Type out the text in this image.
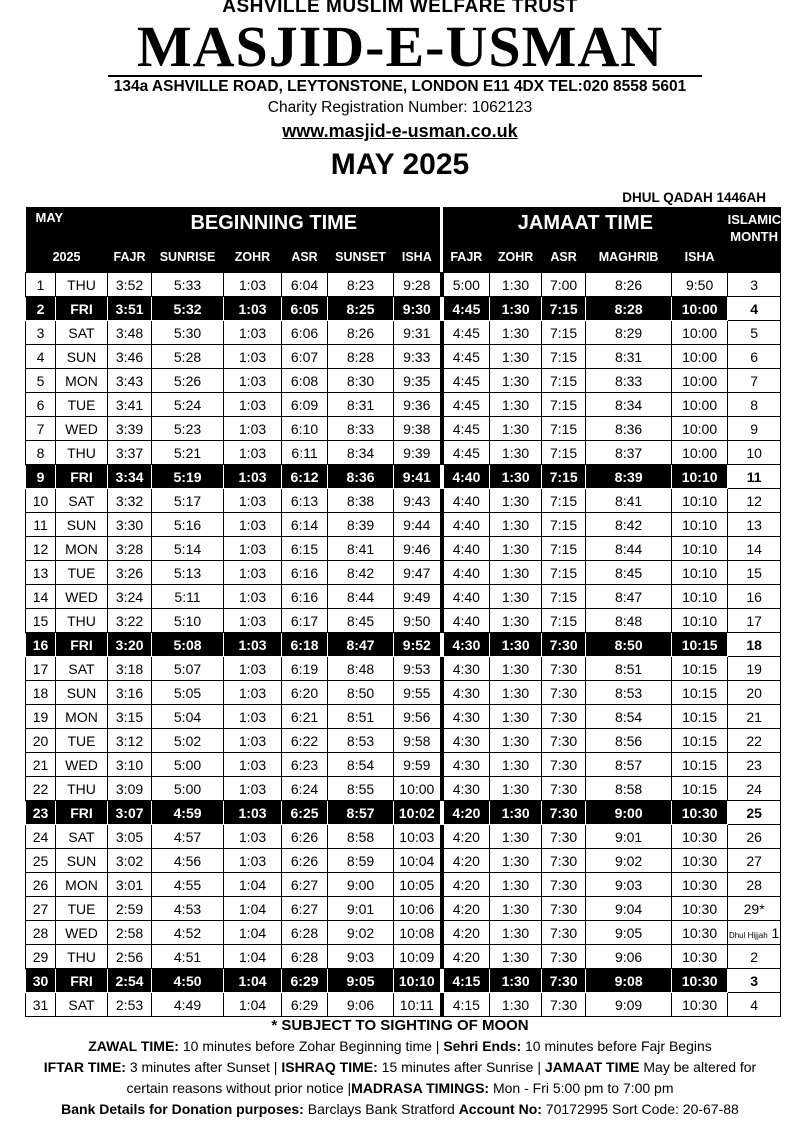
ASHVILLE MUSLIM WELFARE TRUST
MASJID-E-USMAN
134a ASHVILLE ROAD, LEYTONSTONE, LONDON E11 4DX TEL:020 8558 5601
Charity Registration Number: 1062123
www.masjid-e-usman.co.uk
MAY 2025
DHUL QADAH 1446AH
MAY		BEGINNING TIME						JAMAAT TIME					ISLAMIC MONTH
2025		FAJR	SUNRISE	ZOHR	ASR	SUNSET	ISHA	FAJR	ZOHR	ASR	MAGHRIB	ISHA	
1	THU	3:52	5:33	1:03	6:04	8:23	9:28	5:00	1:30	7:00	8:26	9:50	3
2	FRI	3:51	5:32	1:03	6:05	8:25	9:30	4:45	1:30	7:15	8:28	10:00	4
3	SAT	3:48	5:30	1:03	6:06	8:26	9:31	4:45	1:30	7:15	8:29	10:00	5
4	SUN	3:46	5:28	1:03	6:07	8:28	9:33	4:45	1:30	7:15	8:31	10:00	6
5	MON	3:43	5:26	1:03	6:08	8:30	9:35	4:45	1:30	7:15	8:33	10:00	7
6	TUE	3:41	5:24	1:03	6:09	8:31	9:36	4:45	1:30	7:15	8:34	10:00	8
7	WED	3:39	5:23	1:03	6:10	8:33	9:38	4:45	1:30	7:15	8:36	10:00	9
8	THU	3:37	5:21	1:03	6:11	8:34	9:39	4:45	1:30	7:15	8:37	10:00	10
9	FRI	3:34	5:19	1:03	6:12	8:36	9:41	4:40	1:30	7:15	8:39	10:10	11
10	SAT	3:32	5:17	1:03	6:13	8:38	9:43	4:40	1:30	7:15	8:41	10:10	12
11	SUN	3:30	5:16	1:03	6:14	8:39	9:44	4:40	1:30	7:15	8:42	10:10	13
12	MON	3:28	5:14	1:03	6:15	8:41	9:46	4:40	1:30	7:15	8:44	10:10	14
13	TUE	3:26	5:13	1:03	6:16	8:42	9:47	4:40	1:30	7:15	8:45	10:10	15
14	WED	3:24	5:11	1:03	6:16	8:44	9:49	4:40	1:30	7:15	8:47	10:10	16
15	THU	3:22	5:10	1:03	6:17	8:45	9:50	4:40	1:30	7:15	8:48	10:10	17
16	FRI	3:20	5:08	1:03	6:18	8:47	9:52	4:30	1:30	7:30	8:50	10:15	18
17	SAT	3:18	5:07	1:03	6:19	8:48	9:53	4:30	1:30	7:30	8:51	10:15	19
18	SUN	3:16	5:05	1:03	6:20	8:50	9:55	4:30	1:30	7:30	8:53	10:15	20
19	MON	3:15	5:04	1:03	6:21	8:51	9:56	4:30	1:30	7:30	8:54	10:15	21
20	TUE	3:12	5:02	1:03	6:22	8:53	9:58	4:30	1:30	7:30	8:56	10:15	22
21	WED	3:10	5:00	1:03	6:23	8:54	9:59	4:30	1:30	7:30	8:57	10:15	23
22	THU	3:09	5:00	1:03	6:24	8:55	10:00	4:30	1:30	7:30	8:58	10:15	24
23	FRI	3:07	4:59	1:03	6:25	8:57	10:02	4:20	1:30	7:30	9:00	10:30	25
24	SAT	3:05	4:57	1:03	6:26	8:58	10:03	4:20	1:30	7:30	9:01	10:30	26
25	SUN	3:02	4:56	1:03	6:26	8:59	10:04	4:20	1:30	7:30	9:02	10:30	27
26	MON	3:01	4:55	1:04	6:27	9:00	10:05	4:20	1:30	7:30	9:03	10:30	28
27	TUE	2:59	4:53	1:04	6:27	9:01	10:06	4:20	1:30	7:30	9:04	10:30	29*
28	WED	2:58	4:52	1:04	6:28	9:02	10:08	4:20	1:30	7:30	9:05	10:30	Dhul Hijjah 1
29	THU	2:56	4:51	1:04	6:28	9:03	10:09	4:20	1:30	7:30	9:06	10:30	2
30	FRI	2:54	4:50	1:04	6:29	9:05	10:10	4:15	1:30	7:30	9:08	10:30	3
31	SAT	2:53	4:49	1:04	6:29	9:06	10:11	4:15	1:30	7:30	9:09	10:30	4
* SUBJECT TO SIGHTING OF MOON
ZAWAL TIME: 10 minutes before Zohar Beginning time | Sehri Ends: 10 minutes before Fajr Begins
IFTAR TIME: 3 minutes after Sunset | ISHRAQ TIME: 15 minutes after Sunrise | JAMAAT TIME May be altered for
certain reasons without prior notice |MADRASA TIMINGS: Mon - Fri 5:00 pm to 7:00 pm
Bank Details for Donation purposes: Barclays Bank Stratford Account No: 70172995 Sort Code: 20-67-88
